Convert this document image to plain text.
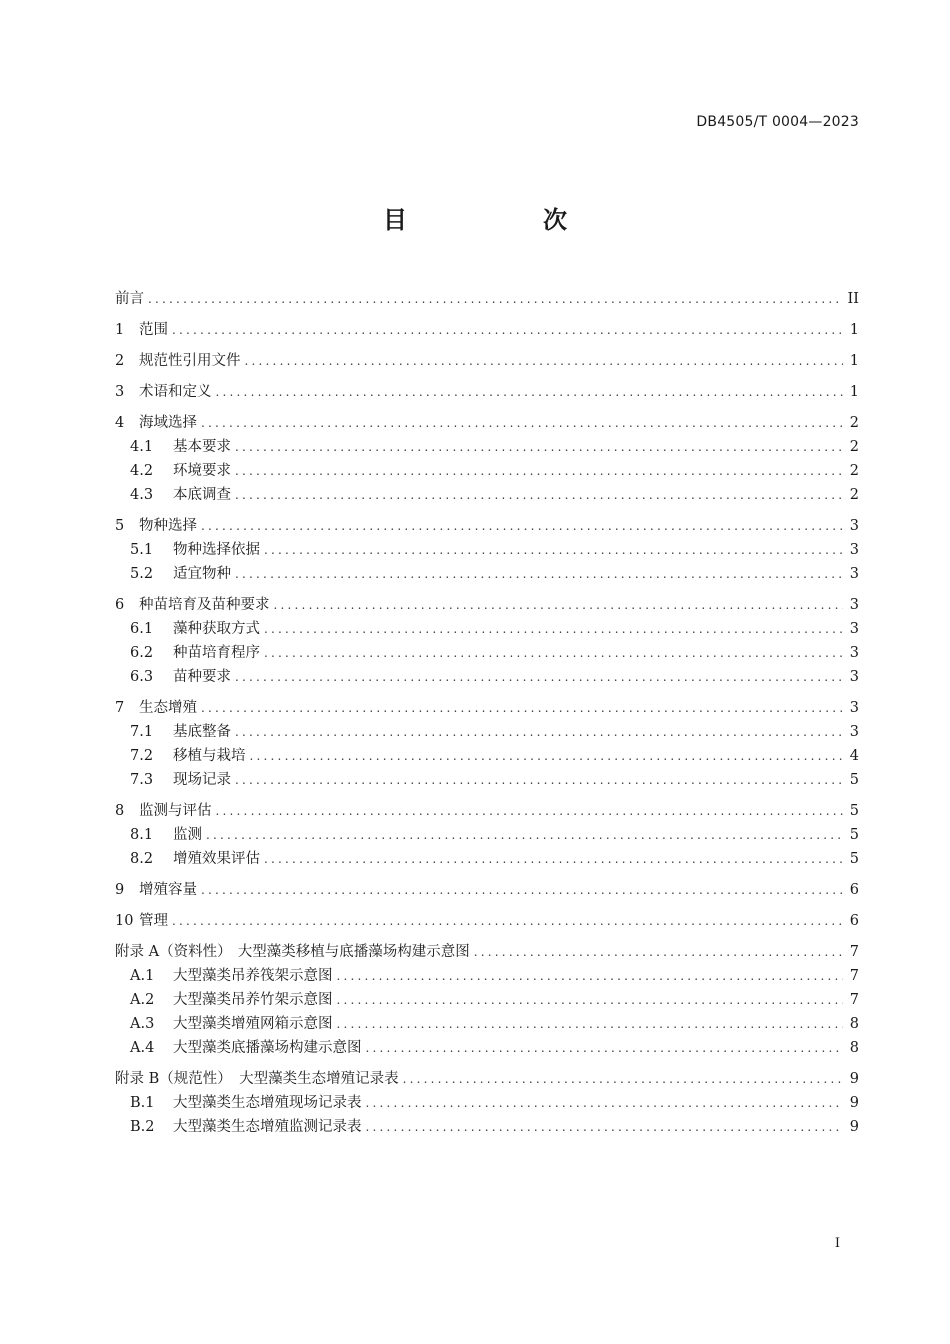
DB4505/T 0004—2023
目　次
前言 .....	II
1	范围 .....	1
2	规范性引用文件 .....	1
3	术语和定义 .....	1
4	海域选择 .....	2
4.1	基本要求 .....	2
4.2	环境要求 .....	2
4.3	本底调查 .....	2
5	物种选择 .....	3
5.1	物种选择依据 .....	3
5.2	适宜物种 .....	3
6	种苗培育及苗种要求 .....	3
6.1	藻种获取方式 .....	3
6.2	种苗培育程序 .....	3
6.3	苗种要求 .....	3
7	生态增殖 .....	3
7.1	基底整备 .....	3
7.2	移植与栽培 .....	4
7.3	现场记录 .....	5
8	监测与评估 .....	5
8.1	监测 .....	5
8.2	增殖效果评估 .....	5
9	增殖容量 .....	6
10 管理 .....	6
附录 A（资料性） 大型藻类移植与底播藻场构建示意图 .....	7
A.1	大型藻类吊养筏架示意图 .....	7
A.2	大型藻类吊养竹架示意图 .....	7
A.3	大型藻类增殖网箱示意图 .....	8
A.4	大型藻类底播藻场构建示意图 .....	8
附录 B（规范性） 大型藻类生态增殖记录表 .....	9
B.1	大型藻类生态增殖现场记录表 .....	9
B.2	大型藻类生态增殖监测记录表 .....	9
I
